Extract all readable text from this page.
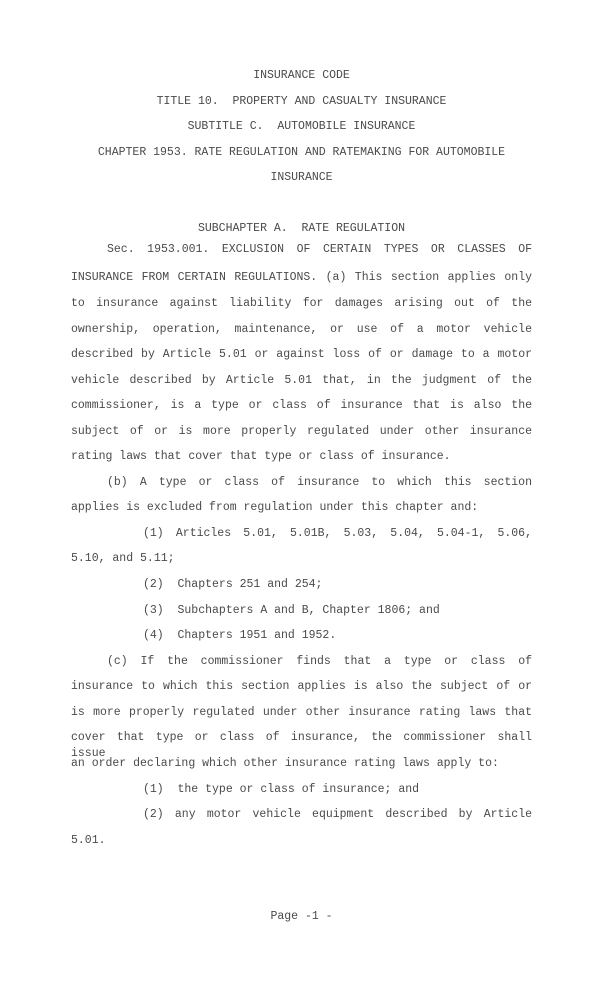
INSURANCE CODE
TITLE 10.  PROPERTY AND CASUALTY INSURANCE
SUBTITLE C.  AUTOMOBILE INSURANCE
CHAPTER 1953. RATE REGULATION AND RATEMAKING FOR AUTOMOBILE
INSURANCE
SUBCHAPTER A.  RATE REGULATION
Sec. 1953.001. EXCLUSION OF CERTAIN TYPES OR CLASSES OF
INSURANCE FROM CERTAIN REGULATIONS. (a) This section applies only
to insurance against liability for damages arising out of the
ownership, operation, maintenance, or use of a motor vehicle
described by Article 5.01 or against loss of or damage to a motor
vehicle described by Article 5.01 that, in the judgment of the
commissioner, is a type or class of insurance that is also the
subject of or is more properly regulated under other insurance
rating laws that cover that type or class of insurance.
(b) A type or class of insurance to which this section
applies is excluded from regulation under this chapter and:
(1) Articles 5.01, 5.01B, 5.03, 5.04, 5.04-1, 5.06,
5.10, and 5.11;
(2)  Chapters 251 and 254;
(3)  Subchapters A and B, Chapter 1806; and
(4)  Chapters 1951 and 1952.
(c) If the commissioner finds that a type or class of
insurance to which this section applies is also the subject of or
is more properly regulated under other insurance rating laws that
cover that type or class of insurance, the commissioner shall issue
an order declaring which other insurance rating laws apply to:
(1)  the type or class of insurance; and
(2) any motor vehicle equipment described by Article
5.01.
Page -1 -
